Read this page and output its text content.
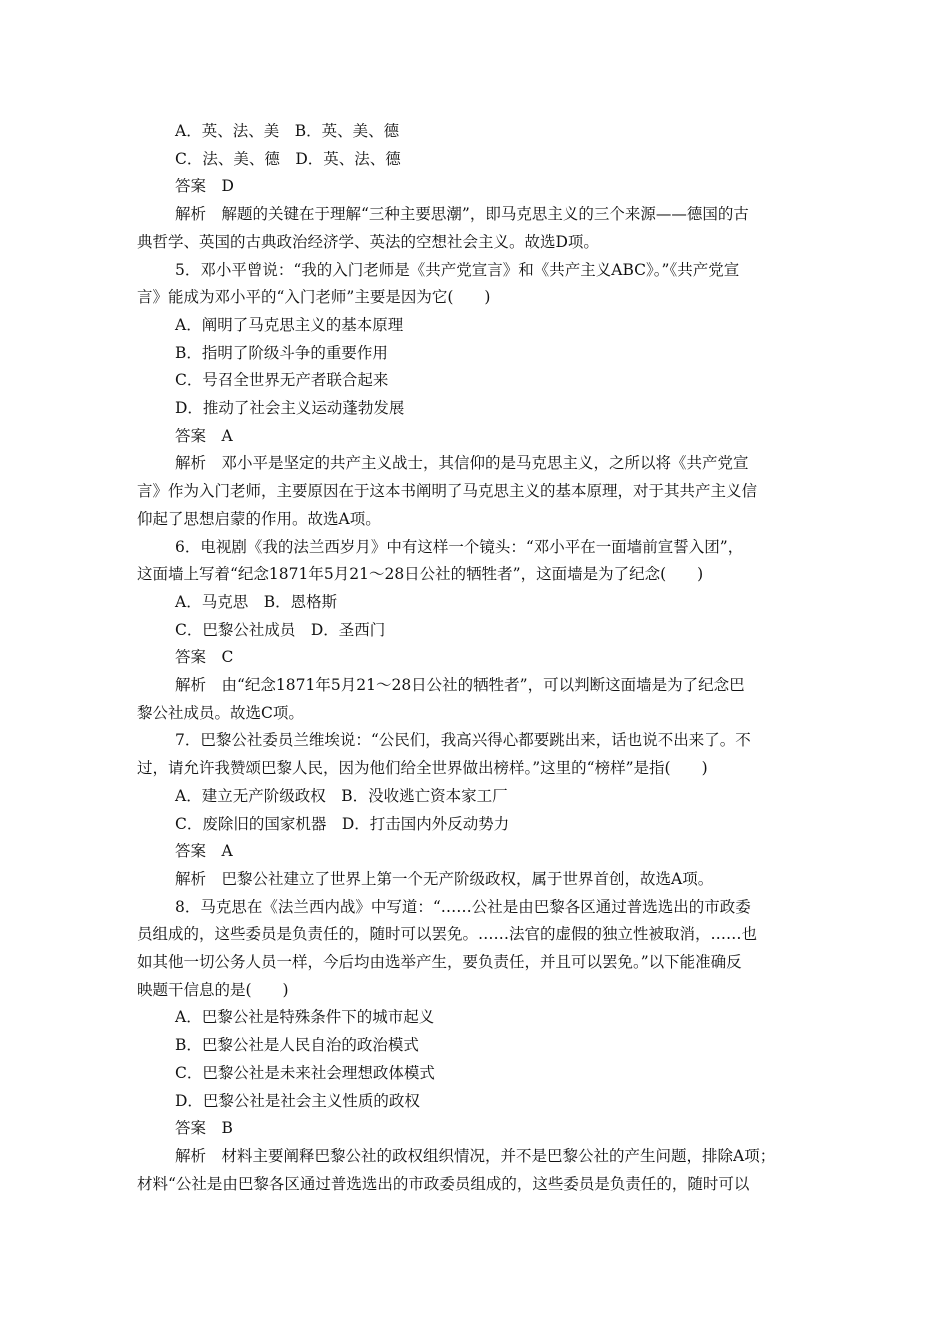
A．英、法、美　B．英、美、德
C．法、美、德　D．英、法、德
答案　D
解析　解题的关键在于理解“三种主要思潮”，即马克思主义的三个来源——德国的古
典哲学、英国的古典政治经济学、英法的空想社会主义。故选D项。
5．邓小平曾说：“我的入门老师是《共产党宣言》和《共产主义ABC》。”《共产党宣
言》能成为邓小平的“入门老师”主要是因为它(　　)
A．阐明了马克思主义的基本原理
B．指明了阶级斗争的重要作用
C．号召全世界无产者联合起来
D．推动了社会主义运动蓬勃发展
答案　A
解析　邓小平是坚定的共产主义战士，其信仰的是马克思主义，之所以将《共产党宣
言》作为入门老师，主要原因在于这本书阐明了马克思主义的基本原理，对于其共产主义信
仰起了思想启蒙的作用。故选A项。
6．电视剧《我的法兰西岁月》中有这样一个镜头：“邓小平在一面墙前宣誓入团”，
这面墙上写着“纪念1871年5月21～28日公社的牺牲者”，这面墙是为了纪念(　　)
A．马克思　B．恩格斯
C．巴黎公社成员　D．圣西门
答案　C
解析　由“纪念1871年5月21～28日公社的牺牲者”，可以判断这面墙是为了纪念巴
黎公社成员。故选C项。
7．巴黎公社委员兰维埃说：“公民们，我高兴得心都要跳出来，话也说不出来了。不
过，请允许我赞颂巴黎人民，因为他们给全世界做出榜样。”这里的“榜样”是指(　　)
A．建立无产阶级政权　B．没收逃亡资本家工厂
C．废除旧的国家机器　D．打击国内外反动势力
答案　A
解析　巴黎公社建立了世界上第一个无产阶级政权，属于世界首创，故选A项。
8．马克思在《法兰西内战》中写道：“……公社是由巴黎各区通过普选选出的市政委
员组成的，这些委员是负责任的，随时可以罢免。……法官的虚假的独立性被取消，……也
如其他一切公务人员一样，今后均由选举产生，要负责任，并且可以罢免。”以下能准确反
映题干信息的是(　　)
A．巴黎公社是特殊条件下的城市起义
B．巴黎公社是人民自治的政治模式
C．巴黎公社是未来社会理想政体模式
D．巴黎公社是社会主义性质的政权
答案　B
解析　材料主要阐释巴黎公社的政权组织情况，并不是巴黎公社的产生问题，排除A项；
材料“公社是由巴黎各区通过普选选出的市政委员组成的，这些委员是负责任的，随时可以
